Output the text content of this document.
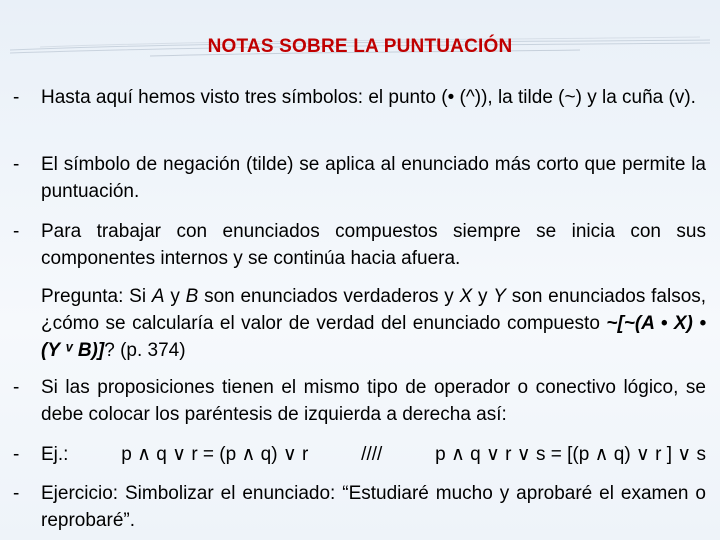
NOTAS SOBRE LA PUNTUACIÓN
- Hasta aquí hemos visto tres símbolos: el punto (• (^)), la tilde (~) y la cuña (v).
- El símbolo de negación (tilde) se aplica al enunciado más corto que permite la puntuación.
- Para trabajar con enunciados compuestos siempre se inicia con sus componentes internos y se continúa hacia afuera.
Pregunta: Si A y B son enunciados verdaderos y X y Y son enunciados falsos, ¿cómo se calcularía el valor de verdad del enunciado compuesto ~[~(A • X) • (Y ᵛ B)]? (p. 374)
- Si las proposiciones tienen el mismo tipo de operador o conectivo lógico, se debe colocar los paréntesis de izquierda a derecha así:
- Ej.:	p ∧ q ∨ r = (p ∧ q) ∨ r	////	p ∧ q ∨ r ∨ s = [(p ∧ q) ∨ r ] ∨ s
- Ejercicio: Simbolizar el enunciado: “Estudiaré mucho y aprobaré el examen o reprobaré”.
